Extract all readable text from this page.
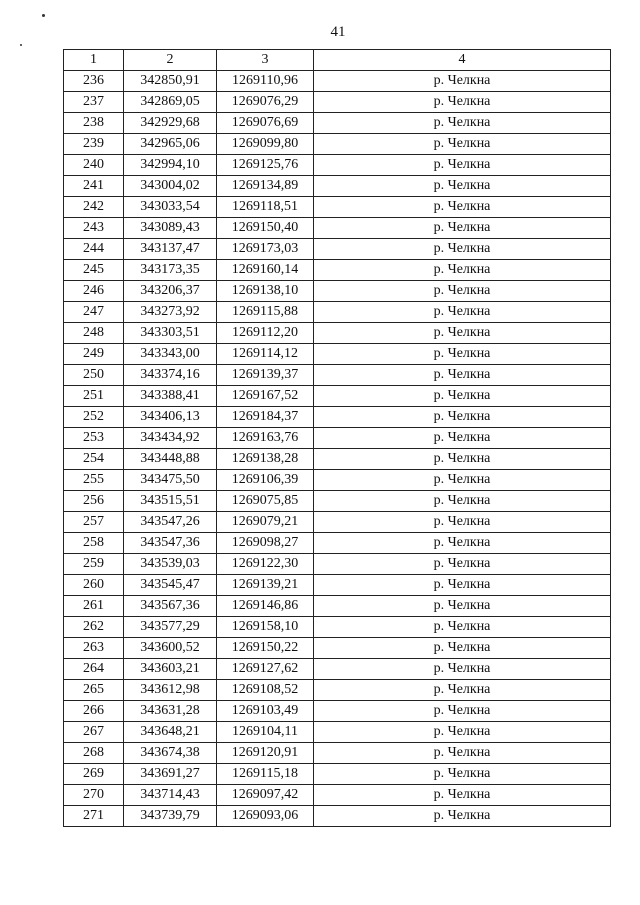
41
1	2	3	4
236	342850,91	1269110,96	р. Челкна
237	342869,05	1269076,29	р. Челкна
238	342929,68	1269076,69	р. Челкна
239	342965,06	1269099,80	р. Челкна
240	342994,10	1269125,76	р. Челкна
241	343004,02	1269134,89	р. Челкна
242	343033,54	1269118,51	р. Челкна
243	343089,43	1269150,40	р. Челкна
244	343137,47	1269173,03	р. Челкна
245	343173,35	1269160,14	р. Челкна
246	343206,37	1269138,10	р. Челкна
247	343273,92	1269115,88	р. Челкна
248	343303,51	1269112,20	р. Челкна
249	343343,00	1269114,12	р. Челкна
250	343374,16	1269139,37	р. Челкна
251	343388,41	1269167,52	р. Челкна
252	343406,13	1269184,37	р. Челкна
253	343434,92	1269163,76	р. Челкна
254	343448,88	1269138,28	р. Челкна
255	343475,50	1269106,39	р. Челкна
256	343515,51	1269075,85	р. Челкна
257	343547,26	1269079,21	р. Челкна
258	343547,36	1269098,27	р. Челкна
259	343539,03	1269122,30	р. Челкна
260	343545,47	1269139,21	р. Челкна
261	343567,36	1269146,86	р. Челкна
262	343577,29	1269158,10	р. Челкна
263	343600,52	1269150,22	р. Челкна
264	343603,21	1269127,62	р. Челкна
265	343612,98	1269108,52	р. Челкна
266	343631,28	1269103,49	р. Челкна
267	343648,21	1269104,11	р. Челкна
268	343674,38	1269120,91	р. Челкна
269	343691,27	1269115,18	р. Челкна
270	343714,43	1269097,42	р. Челкна
271	343739,79	1269093,06	р. Челкна
